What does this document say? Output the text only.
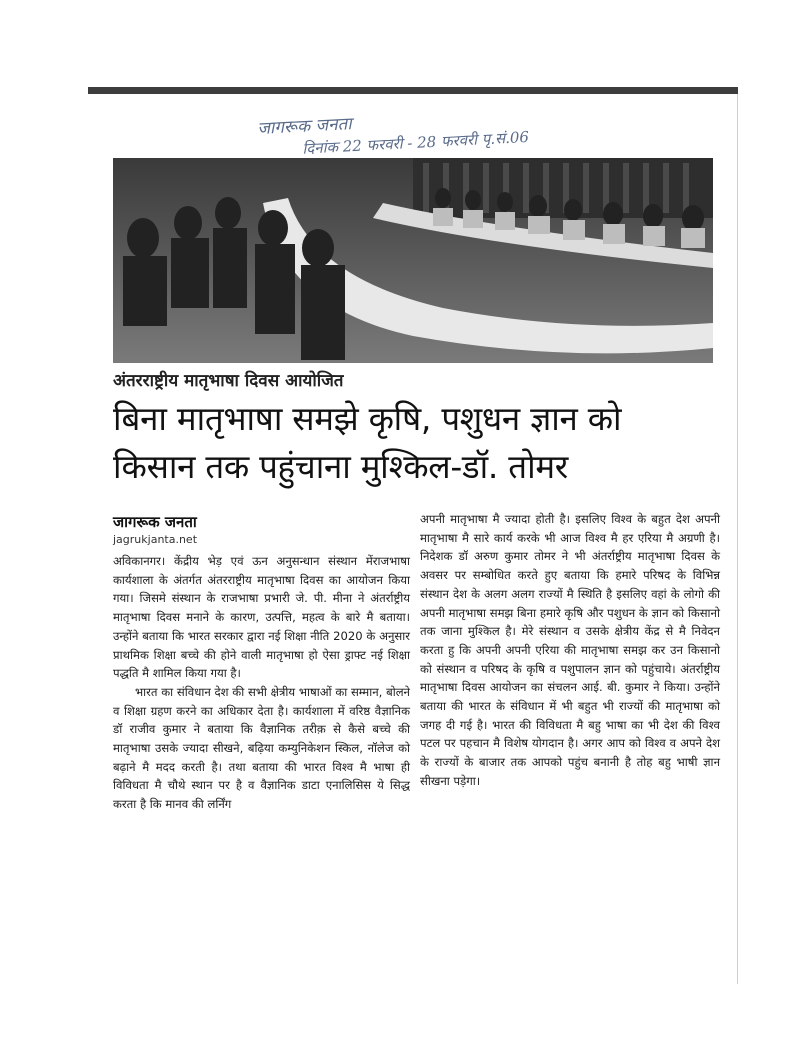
जागरूक जनता
दिनांक 22 फरवरी - 28 फरवरी पृ.सं.06
अंतरराष्ट्रीय मातृभाषा दिवस आयोजित
बिना मातृभाषा समझे कृषि, पशुधन ज्ञान को
किसान तक पहुंचाना मुश्किल-डॉ. तोमर
जागरूक जनता
jagrukjanta.net

अविकानगर। केंद्रीय भेड़ एवं ऊन अनुसन्धान संस्थान मेंराजभाषा कार्यशाला के अंतर्गत अंतरराष्ट्रीय मातृभाषा दिवस का आयोजन किया गया। जिसमे संस्थान के राजभाषा प्रभारी जे. पी. मीना ने अंतर्राष्ट्रीय मातृभाषा दिवस मनाने के कारण, उत्पत्ति, महत्व के बारे मै बताया। उन्होंने बताया कि भारत सरकार द्वारा नई शिक्षा नीति 2020 के अनुसार प्राथमिक शिक्षा बच्चे की होने वाली मातृभाषा हो ऐसा ड्राफ्ट नई शिक्षा पद्धति मै शामिल किया गया है।

भारत का संविधान देश की सभी क्षेत्रीय भाषाओं का सम्मान, बोलने व शिक्षा ग्रहण करने का अधिकार देता है। कार्यशाला में वरिष्ठ वैज्ञानिक डॉ राजीव कुमार ने बताया कि वैज्ञानिक तरीक़ से कैसे बच्चे की मातृभाषा उसके ज्यादा सीखने, बढ़िया कम्युनिकेशन स्किल, नॉलेज को बढ़ाने मै मदद करती है। तथा बताया की भारत विश्व मै भाषा ही विविधता मै चौथे स्थान पर है व वैज्ञानिक डाटा एनालिसिस ये सिद्ध करता है कि मानव की लर्निंग

अपनी मातृभाषा मै ज्यादा होती है। इसलिए विश्व के बहुत देश अपनी मातृभाषा मै सारे कार्य करके भी आज विश्व मै हर एरिया मै अग्रणी है। निदेशक डॉ अरुण कुमार तोमर ने भी अंतर्राष्ट्रीय मातृभाषा दिवस के अवसर पर सम्बोधित करते हुए बताया कि हमारे परिषद के विभिन्न संस्थान देश के अलग अलग राज्यों मै स्थिति है इसलिए वहां के लोगो की अपनी मातृभाषा समझ बिना हमारे कृषि और पशुधन के ज्ञान को किसानो तक जाना मुश्किल है। मेरे संस्थान व उसके क्षेत्रीय केंद्र से मै निवेदन करता हु कि अपनी अपनी एरिया की मातृभाषा समझ कर उन किसानो को संस्थान व परिषद के कृषि व पशुपालन ज्ञान को पहुंचाये। अंतर्राष्ट्रीय मातृभाषा दिवस आयोजन का संचलन आई. बी. कुमार ने किया। उन्होंने बताया की भारत के संविधान में भी बहुत भी राज्यों की मातृभाषा को जगह दी गई है। भारत की विविधता मै बहु भाषा का भी देश की विश्व पटल पर पहचान मै विशेष योगदान है। अगर आप को विश्व व अपने देश के राज्यों के बाजार तक आपको पहुंच बनानी है तोह बहु भाषी ज्ञान सीखना पड़ेगा।
